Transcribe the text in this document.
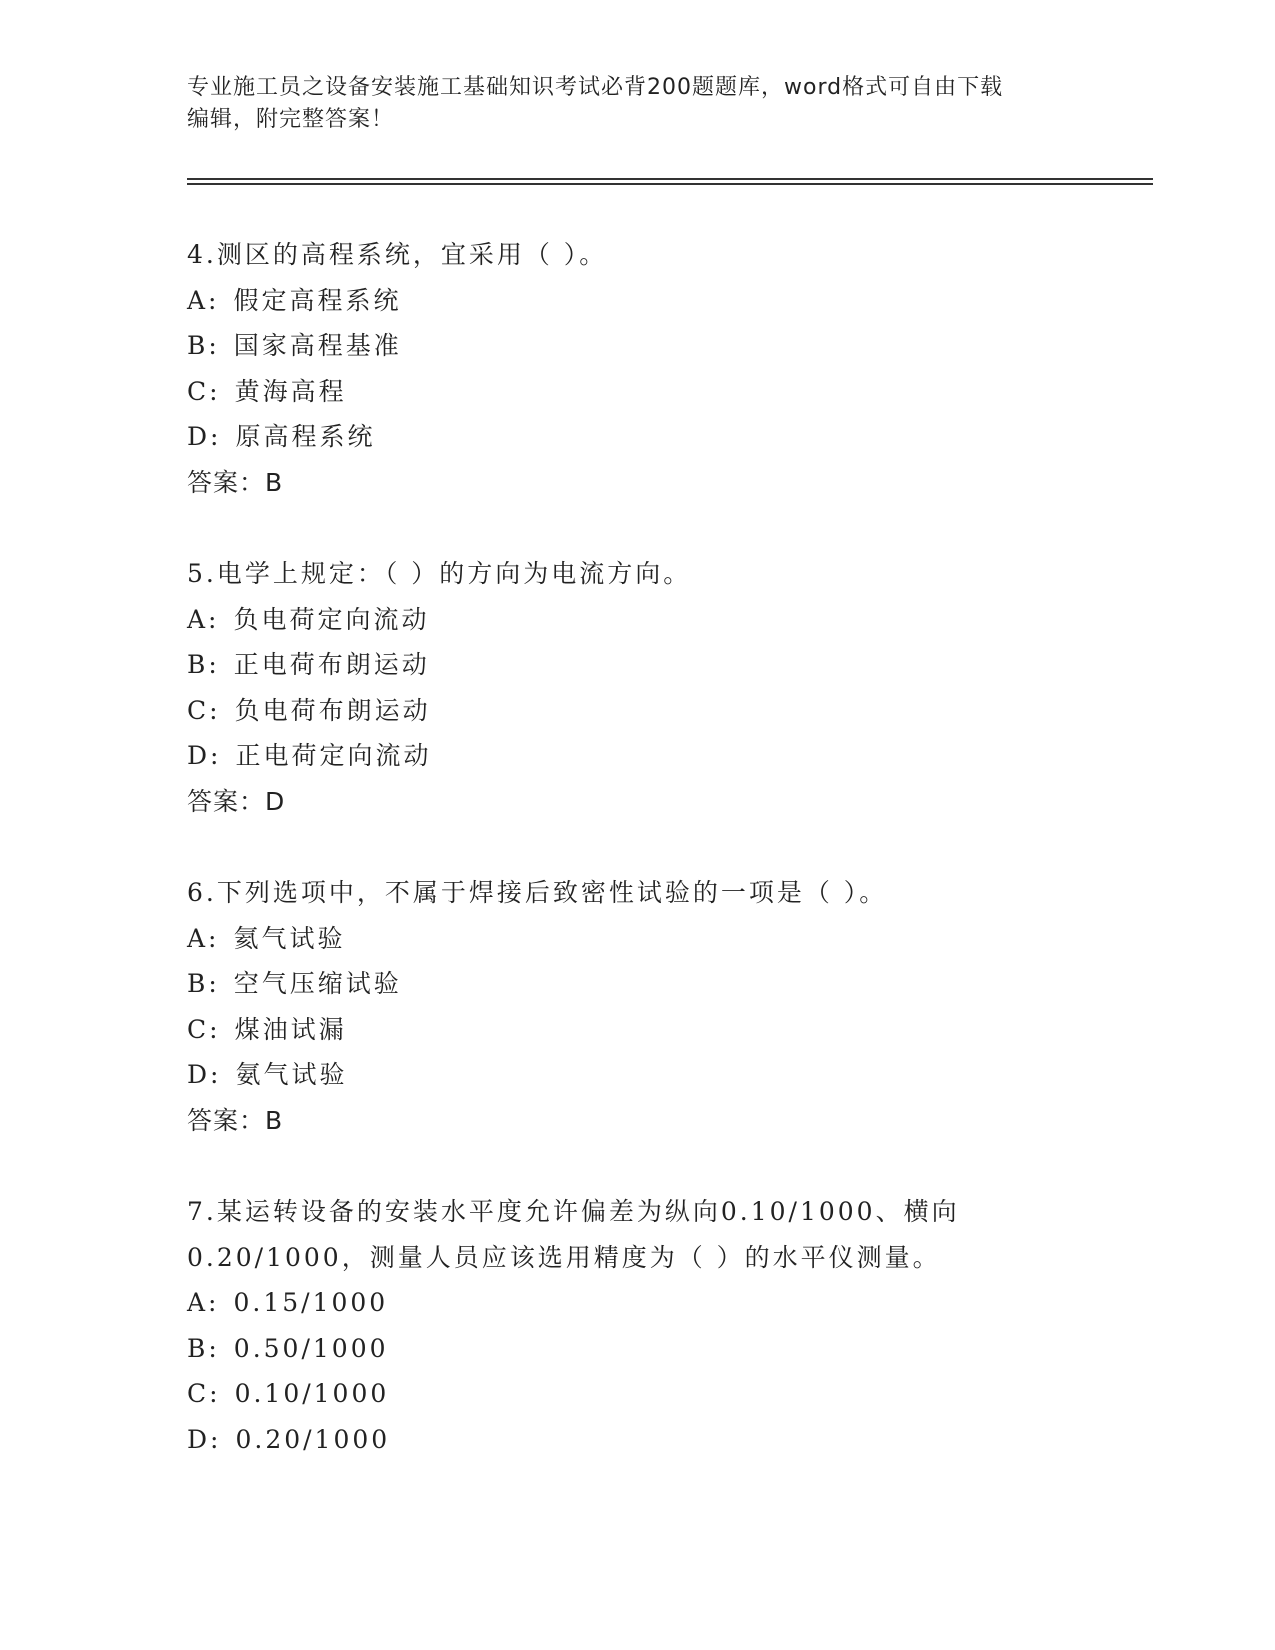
专业施工员之设备安装施工基础知识考试必背200题题库，word格式可自由下载
编辑，附完整答案！
4.测区的高程系统，宜采用（ ）。
A: 假定高程系统
B: 国家高程基准
C: 黄海高程
D: 原高程系统
答案：B
5.电学上规定：（ ）的方向为电流方向。
A: 负电荷定向流动
B: 正电荷布朗运动
C: 负电荷布朗运动
D: 正电荷定向流动
答案：D
6.下列选项中，不属于焊接后致密性试验的一项是（ ）。
A: 氦气试验
B: 空气压缩试验
C: 煤油试漏
D: 氨气试验
答案：B
7.某运转设备的安装水平度允许偏差为纵向0.10/1000、横向
0.20/1000，测量人员应该选用精度为（ ）的水平仪测量。
A: 0.15/1000
B: 0.50/1000
C: 0.10/1000
D: 0.20/1000
